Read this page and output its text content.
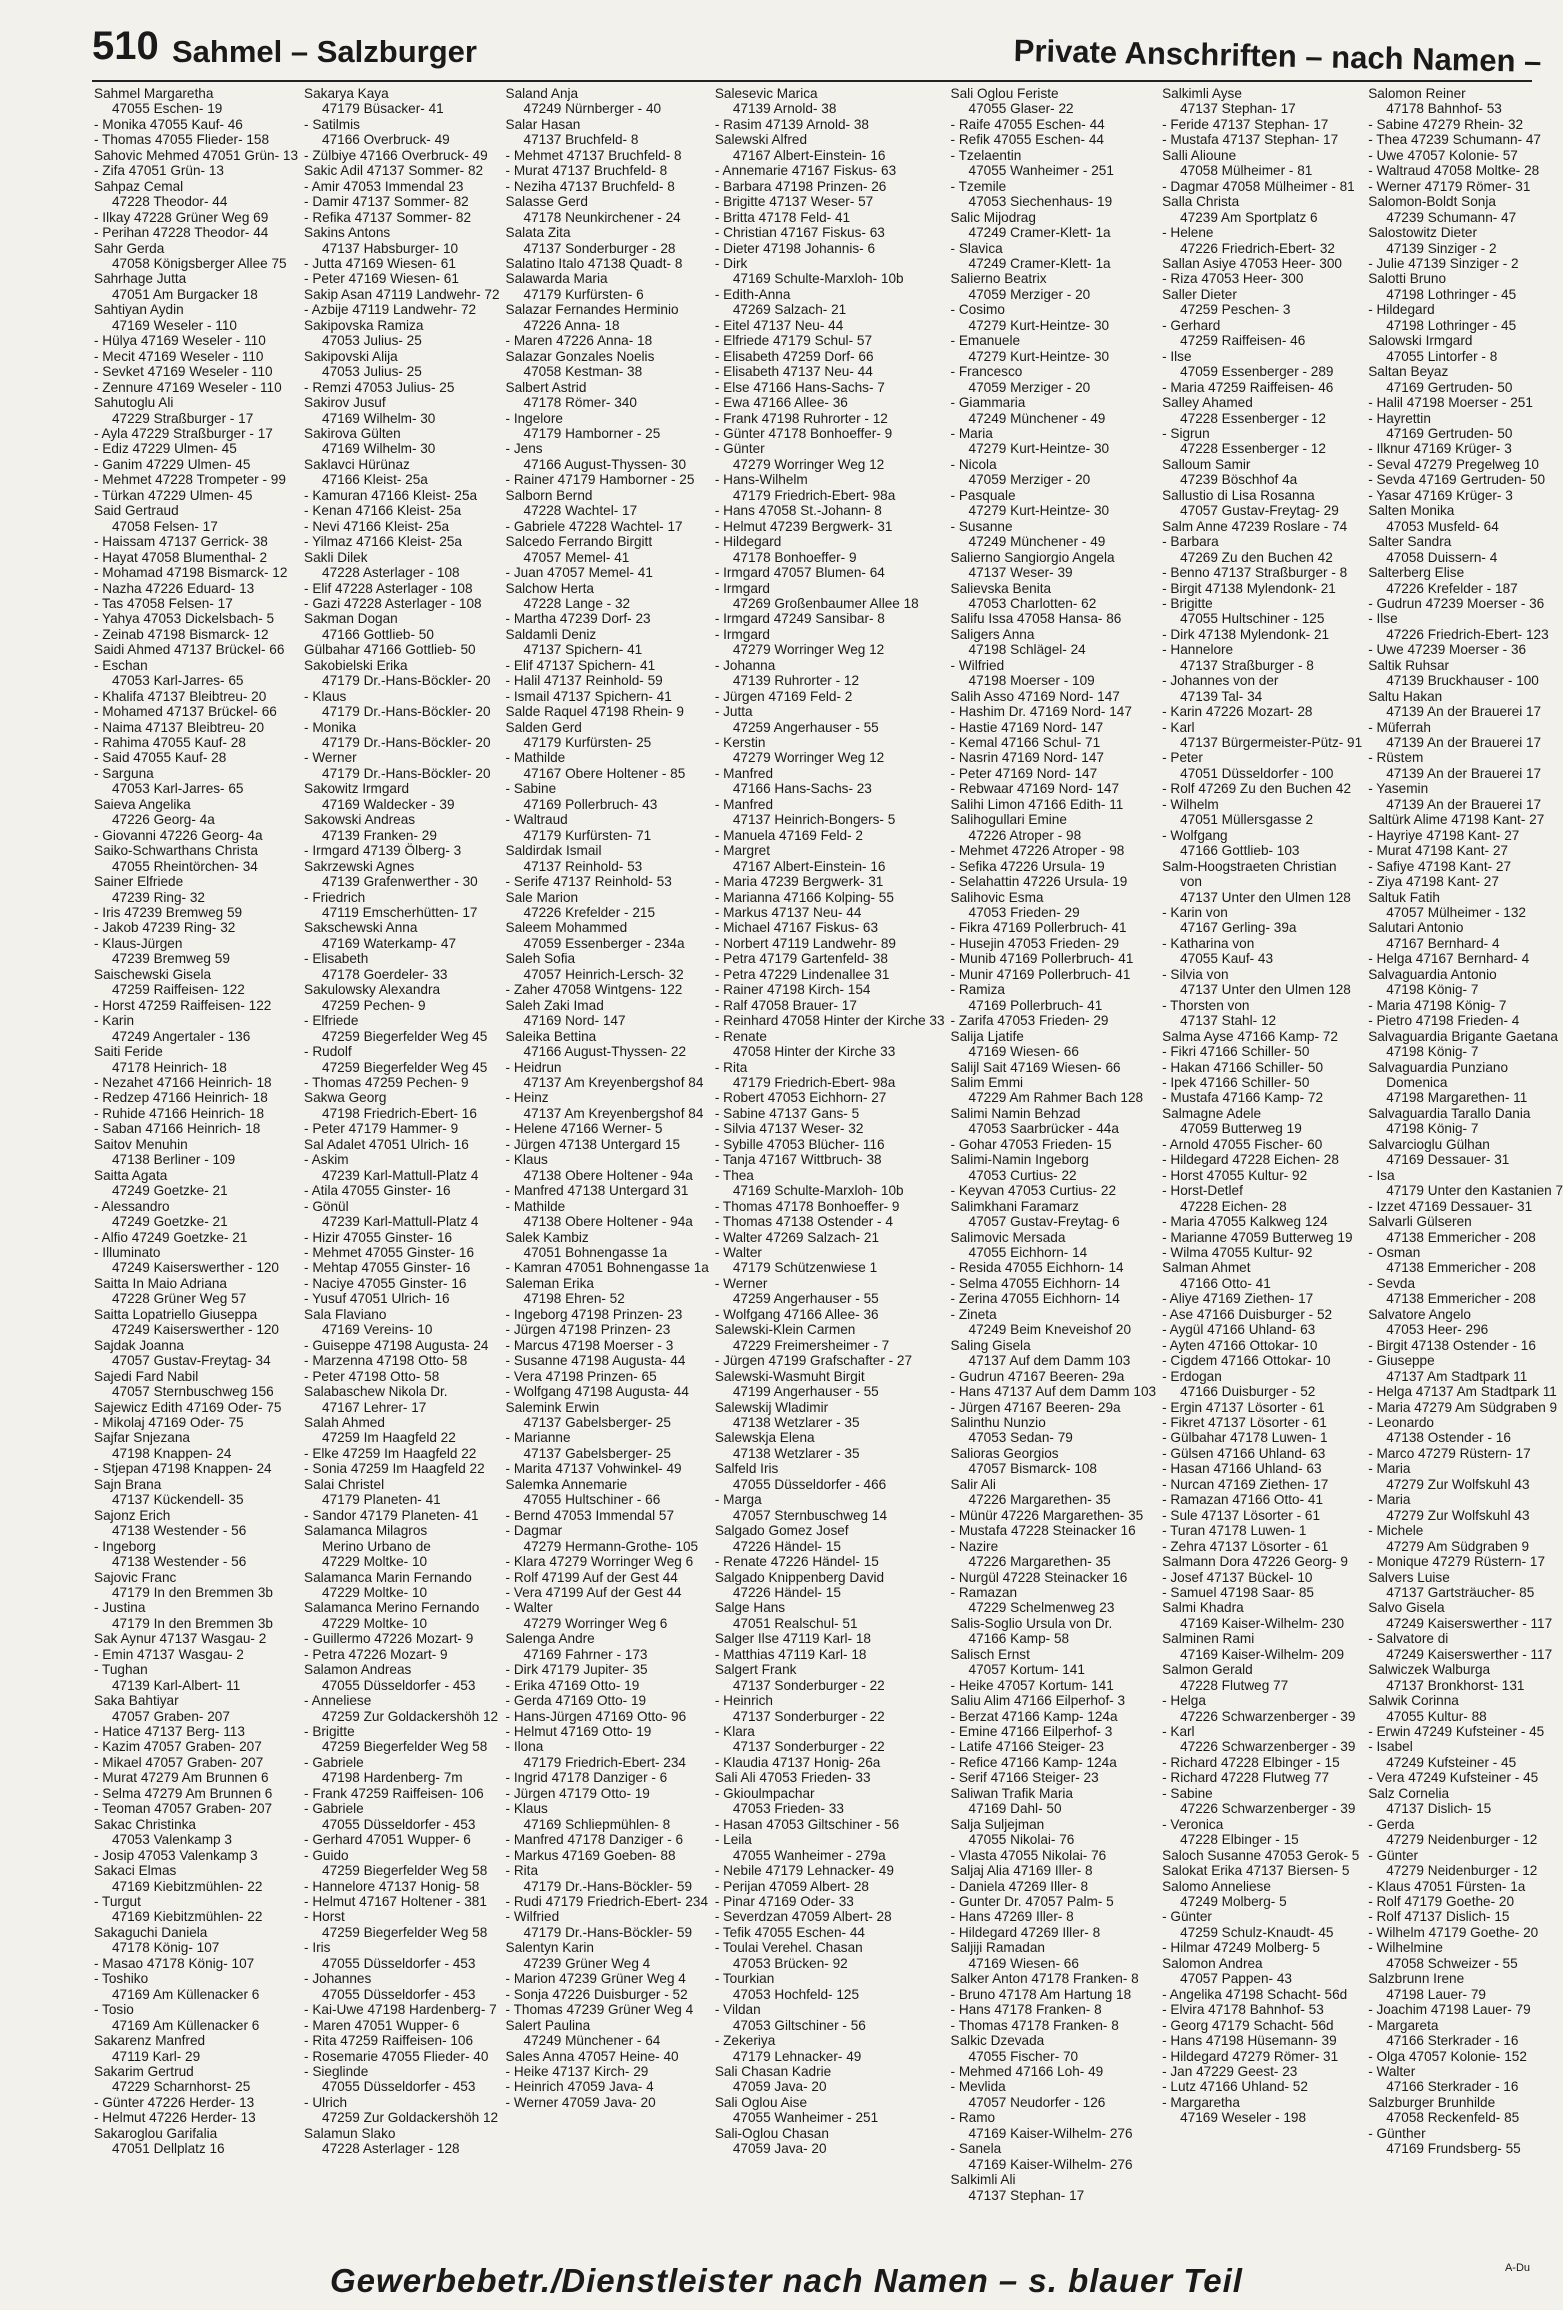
510 Sahmel – Salzburger	Private Anschriften – nach Namen –
Sahmel Margaretha
47055 Eschen- 19
- Monika 47055 Kauf- 46
- Thomas 47055 Flieder- 158
Sahovic Mehmed 47051 Grün- 13
- Zifa 47051 Grün- 13
Sahpaz Cemal
47228 Theodor- 44
- Ilkay 47228 Grüner Weg 69
- Perihan 47228 Theodor- 44
Sahr Gerda
47058 Königsberger Allee 75
Sahrhage Jutta
47051 Am Burgacker 18
Sahtiyan Aydin
47169 Weseler - 110
- Hülya 47169 Weseler - 110
- Mecit 47169 Weseler - 110
- Sevket 47169 Weseler - 110
- Zennure 47169 Weseler - 110
Sahutoglu Ali
47229 Straßburger - 17
- Ayla 47229 Straßburger - 17
- Ediz 47229 Ulmen- 45
- Ganim 47229 Ulmen- 45
- Mehmet 47228 Trompeter - 99
- Türkan 47229 Ulmen- 45
Said Gertraud
47058 Felsen- 17
- Haissam 47137 Gerrick- 38
- Hayat 47058 Blumenthal- 2
- Mohamad 47198 Bismarck- 12
- Nazha 47226 Eduard- 13
- Tas 47058 Felsen- 17
- Yahya 47053 Dickelsbach- 5
- Zeinab 47198 Bismarck- 12
Saidi Ahmed 47137 Brückel- 66
- Eschan
47053 Karl-Jarres- 65
- Khalifa 47137 Bleibtreu- 20
- Mohamed 47137 Brückel- 66
- Naima 47137 Bleibtreu- 20
- Rahima 47055 Kauf- 28
- Said 47055 Kauf- 28
- Sarguna
47053 Karl-Jarres- 65
Saieva Angelika
47226 Georg- 4a
- Giovanni 47226 Georg- 4a
Saiko-Schwarthans Christa
47055 Rheintörchen- 34
Sainer Elfriede
47239 Ring- 32
- Iris 47239 Bremweg 59
- Jakob 47239 Ring- 32
- Klaus-Jürgen
47239 Bremweg 59
Saischewski Gisela
47259 Raiffeisen- 122
- Horst 47259 Raiffeisen- 122
- Karin
47249 Angertaler - 136
Saiti Feride
47178 Heinrich- 18
- Nezahet 47166 Heinrich- 18
- Redzep 47166 Heinrich- 18
- Ruhide 47166 Heinrich- 18
- Saban 47166 Heinrich- 18
Saitov Menuhin
47138 Berliner - 109
Saitta Agata
47249 Goetzke- 21
- Alessandro
47249 Goetzke- 21
- Alfio 47249 Goetzke- 21
- Illuminato
47249 Kaiserswerther - 120
Saitta In Maio Adriana
47228 Grüner Weg 57
Saitta Lopatriello Giuseppa
47249 Kaiserswerther - 120
Sajdak Joanna
47057 Gustav-Freytag- 34
Sajedi Fard Nabil
47057 Sternbuschweg 156
Sajewicz Edith 47169 Oder- 75
- Mikolaj 47169 Oder- 75
Sajfar Snjezana
47198 Knappen- 24
- Stjepan 47198 Knappen- 24
Sajn Brana
47137 Kückendell- 35
Sajonz Erich
47138 Westender - 56
- Ingeborg
47138 Westender - 56
Sajovic Franc
47179 In den Bremmen 3b
- Justina
47179 In den Bremmen 3b
Sak Aynur 47137 Wasgau- 2
- Emin 47137 Wasgau- 2
- Tughan
47139 Karl-Albert- 11
Saka Bahtiyar
47057 Graben- 207
- Hatice 47137 Berg- 113
- Kazim 47057 Graben- 207
- Mikael 47057 Graben- 207
- Murat 47279 Am Brunnen 6
- Selma 47279 Am Brunnen 6
- Teoman 47057 Graben- 207
Sakac Christinka
47053 Valenkamp 3
- Josip 47053 Valenkamp 3
Sakaci Elmas
47169 Kiebitzmühlen- 22
- Turgut
47169 Kiebitzmühlen- 22
Sakaguchi Daniela
47178 König- 107
- Masao 47178 König- 107
- Toshiko
47169 Am Küllenacker 6
- Tosio
47169 Am Küllenacker 6
Sakarenz Manfred
47119 Karl- 29
Sakarim Gertrud
47229 Scharnhorst- 25
- Günter 47226 Herder- 13
- Helmut 47226 Herder- 13
Sakaroglou Garifalia
47051 Dellplatz 16
Sakarya Kaya
47179 Büsacker- 41
- Satilmis
47166 Overbruck- 49
- Zülbiye 47166 Overbruck- 49
Sakic Adil 47137 Sommer- 82
- Amir 47053 Immendal 23
- Damir 47137 Sommer- 82
- Refika 47137 Sommer- 82
Sakins Antons
47137 Habsburger- 10
- Jutta 47169 Wiesen- 61
- Peter 47169 Wiesen- 61
Sakip Asan 47119 Landwehr- 72
- Azbije 47119 Landwehr- 72
Sakipovska Ramiza
47053 Julius- 25
Sakipovski Alija
47053 Julius- 25
- Remzi 47053 Julius- 25
Sakirov Jusuf
47169 Wilhelm- 30
Sakirova Gülten
47169 Wilhelm- 30
Saklavci Hürünaz
47166 Kleist- 25a
- Kamuran 47166 Kleist- 25a
- Kenan 47166 Kleist- 25a
- Nevi 47166 Kleist- 25a
- Yilmaz 47166 Kleist- 25a
Sakli Dilek
47228 Asterlager - 108
- Elif 47228 Asterlager - 108
- Gazi 47228 Asterlager - 108
Sakman Dogan
47166 Gottlieb- 50
Gülbahar 47166 Gottlieb- 50
Sakobielski Erika
47179 Dr.-Hans-Böckler- 20
- Klaus
47179 Dr.-Hans-Böckler- 20
- Monika
47179 Dr.-Hans-Böckler- 20
- Werner
47179 Dr.-Hans-Böckler- 20
Sakowitz Irmgard
47169 Waldecker - 39
Sakowski Andreas
47139 Franken- 29
- Irmgard 47139 Ölberg- 3
Sakrzewski Agnes
47139 Grafenwerther - 30
- Friedrich
47119 Emscherhütten- 17
Sakschewski Anna
47169 Waterkamp- 47
- Elisabeth
47178 Goerdeler- 33
Sakulowsky Alexandra
47259 Pechen- 9
- Elfriede
47259 Biegerfelder Weg 45
- Rudolf
47259 Biegerfelder Weg 45
- Thomas 47259 Pechen- 9
Sakwa Georg
47198 Friedrich-Ebert- 16
- Peter 47179 Hammer- 9
Sal Adalet 47051 Ulrich- 16
- Askim
47239 Karl-Mattull-Platz 4
- Atila 47055 Ginster- 16
- Gönül
47239 Karl-Mattull-Platz 4
- Hizir 47055 Ginster- 16
- Mehmet 47055 Ginster- 16
- Mehtap 47055 Ginster- 16
- Naciye 47055 Ginster- 16
- Yusuf 47051 Ulrich- 16
Sala Flaviano
47169 Vereins- 10
- Guiseppe 47198 Augusta- 24
- Marzenna 47198 Otto- 58
- Peter 47198 Otto- 58
Salabaschew Nikola Dr.
47167 Lehrer- 17
Salah Ahmed
47259 Im Haagfeld 22
- Elke 47259 Im Haagfeld 22
- Sonia 47259 Im Haagfeld 22
Salai Christel
47179 Planeten- 41
- Sandor 47179 Planeten- 41
Salamanca Milagros
Merino Urbano de
47229 Moltke- 10
Salamanca Marin Fernando
47229 Moltke- 10
Salamanca Merino Fernando
47229 Moltke- 10
- Guillermo 47226 Mozart- 9
- Petra 47226 Mozart- 9
Salamon Andreas
47055 Düsseldorfer - 453
- Anneliese
47259 Zur Goldackershöh 12
- Brigitte
47259 Biegerfelder Weg 58
- Gabriele
47198 Hardenberg- 7m
- Frank 47259 Raiffeisen- 106
- Gabriele
47055 Düsseldorfer - 453
- Gerhard 47051 Wupper- 6
- Guido
47259 Biegerfelder Weg 58
- Hannelore 47137 Honig- 58
- Helmut 47167 Holtener - 381
- Horst
47259 Biegerfelder Weg 58
- Iris
47055 Düsseldorfer - 453
- Johannes
47055 Düsseldorfer - 453
- Kai-Uwe 47198 Hardenberg- 7
- Maren 47051 Wupper- 6
- Rita 47259 Raiffeisen- 106
- Rosemarie 47055 Flieder- 40
- Sieglinde
47055 Düsseldorfer - 453
- Ulrich
47259 Zur Goldackershöh 12
Salamun Slako
47228 Asterlager - 128
Saland Anja
47249 Nürnberger - 40
Salar Hasan
47137 Bruchfeld- 8
- Mehmet 47137 Bruchfeld- 8
- Murat 47137 Bruchfeld- 8
- Neziha 47137 Bruchfeld- 8
Salasse Gerd
47178 Neunkirchener - 24
Salata Zita
47137 Sonderburger - 28
Salatino Italo 47138 Quadt- 8
Salawarda Maria
47179 Kurfürsten- 6
Salazar Fernandes Herminio
47226 Anna- 18
- Maren 47226 Anna- 18
Salazar Gonzales Noelis
47058 Kestman- 38
Salbert Astrid
47178 Römer- 340
- Ingelore
47179 Hamborner - 25
- Jens
47166 August-Thyssen- 30
- Rainer 47179 Hamborner - 25
Salborn Bernd
47228 Wachtel- 17
- Gabriele 47228 Wachtel- 17
Salcedo Ferrando Birgitt
47057 Memel- 41
- Juan 47057 Memel- 41
Salchow Herta
47228 Lange - 32
- Martha 47239 Dorf- 23
Saldamli Deniz
47137 Spichern- 41
- Elif 47137 Spichern- 41
- Halil 47137 Reinhold- 59
- Ismail 47137 Spichern- 41
Salde Raquel 47198 Rhein- 9
Salden Gerd
47179 Kurfürsten- 25
- Mathilde
47167 Obere Holtener - 85
- Sabine
47169 Pollerbruch- 43
- Waltraud
47179 Kurfürsten- 71
Saldirdak Ismail
47137 Reinhold- 53
- Serife 47137 Reinhold- 53
Sale Marion
47226 Krefelder - 215
Saleem Mohammed
47059 Essenberger - 234a
Saleh Sofia
47057 Heinrich-Lersch- 32
- Zaher 47058 Wintgens- 122
Saleh Zaki Imad
47169 Nord- 147
Saleika Bettina
47166 August-Thyssen- 22
- Heidrun
47137 Am Kreyenbergshof 84
- Heinz
47137 Am Kreyenbergshof 84
- Helene 47166 Werner- 5
- Jürgen 47138 Untergard 15
- Klaus
47138 Obere Holtener - 94a
- Manfred 47138 Untergard 31
- Mathilde
47138 Obere Holtener - 94a
Salek Kambiz
47051 Bohnengasse 1a
- Kamran 47051 Bohnengasse 1a
Saleman Erika
47198 Ehren- 52
- Ingeborg 47198 Prinzen- 23
- Jürgen 47198 Prinzen- 23
- Marcus 47198 Moerser - 3
- Susanne 47198 Augusta- 44
- Vera 47198 Prinzen- 65
- Wolfgang 47198 Augusta- 44
Salemink Erwin
47137 Gabelsberger- 25
- Marianne
47137 Gabelsberger- 25
- Marita 47137 Vohwinkel- 49
Salemka Annemarie
47055 Hultschiner - 66
- Bernd 47053 Immendal 57
- Dagmar
47279 Hermann-Grothe- 105
- Klara 47279 Worringer Weg 6
- Rolf 47199 Auf der Gest 44
- Vera 47199 Auf der Gest 44
- Walter
47279 Worringer Weg 6
Salenga Andre
47169 Fahrner - 173
- Dirk 47179 Jupiter- 35
- Erika 47169 Otto- 19
- Gerda 47169 Otto- 19
- Hans-Jürgen 47169 Otto- 96
- Helmut 47169 Otto- 19
- Ilona
47179 Friedrich-Ebert- 234
- Ingrid 47178 Danziger - 6
- Jürgen 47179 Otto- 19
- Klaus
47169 Schliepmühlen- 8
- Manfred 47178 Danziger - 6
- Markus 47169 Goeben- 88
- Rita
47179 Dr.-Hans-Böckler- 59
- Rudi 47179 Friedrich-Ebert- 234
- Wilfried
47179 Dr.-Hans-Böckler- 59
Salentyn Karin
47239 Grüner Weg 4
- Marion 47239 Grüner Weg 4
- Sonja 47226 Duisburger - 52
- Thomas 47239 Grüner Weg 4
Salert Paulina
47249 Münchener - 64
Sales Anna 47057 Heine- 40
- Heike 47137 Kirch- 29
- Heinrich 47059 Java- 4
- Werner 47059 Java- 20
Salesevic Marica
47139 Arnold- 38
- Rasim 47139 Arnold- 38
Salewski Alfred
47167 Albert-Einstein- 16
- Annemarie 47167 Fiskus- 63
- Barbara 47198 Prinzen- 26
- Brigitte 47137 Weser- 57
- Britta 47178 Feld- 41
- Christian 47167 Fiskus- 63
- Dieter 47198 Johannis- 6
- Dirk
47169 Schulte-Marxloh- 10b
- Edith-Anna
47269 Salzach- 21
- Eitel 47137 Neu- 44
- Elfriede 47179 Schul- 57
- Elisabeth 47259 Dorf- 66
- Elisabeth 47137 Neu- 44
- Else 47166 Hans-Sachs- 7
- Ewa 47166 Allee- 36
- Frank 47198 Ruhrorter - 12
- Günter 47178 Bonhoeffer- 9
- Günter
47279 Worringer Weg 12
- Hans-Wilhelm
47179 Friedrich-Ebert- 98a
- Hans 47058 St.-Johann- 8
- Helmut 47239 Bergwerk- 31
- Hildegard
47178 Bonhoeffer- 9
- Irmgard 47057 Blumen- 64
- Irmgard
47269 Großenbaumer Allee 18
- Irmgard 47249 Sansibar- 8
- Irmgard
47279 Worringer Weg 12
- Johanna
47139 Ruhrorter - 12
- Jürgen 47169 Feld- 2
- Jutta
47259 Angerhauser - 55
- Kerstin
47279 Worringer Weg 12
- Manfred
47166 Hans-Sachs- 23
- Manfred
47137 Heinrich-Bongers- 5
- Manuela 47169 Feld- 2
- Margret
47167 Albert-Einstein- 16
- Maria 47239 Bergwerk- 31
- Marianna 47166 Kolping- 55
- Markus 47137 Neu- 44
- Michael 47167 Fiskus- 63
- Norbert 47119 Landwehr- 89
- Petra 47179 Gartenfeld- 38
- Petra 47229 Lindenallee 31
- Rainer 47198 Kirch- 154
- Ralf 47058 Brauer- 17
- Reinhard 47058 Hinter der Kirche 33
- Renate
47058 Hinter der Kirche 33
- Rita
47179 Friedrich-Ebert- 98a
- Robert 47053 Eichhorn- 27
- Sabine 47137 Gans- 5
- Silvia 47137 Weser- 32
- Sybille 47053 Blücher- 116
- Tanja 47167 Wittbruch- 38
- Thea
47169 Schulte-Marxloh- 10b
- Thomas 47178 Bonhoeffer- 9
- Thomas 47138 Ostender - 4
- Walter 47269 Salzach- 21
- Walter
47179 Schützenwiese 1
- Werner
47259 Angerhauser - 55
- Wolfgang 47166 Allee- 36
Salewski-Klein Carmen
47229 Freimersheimer - 7
- Jürgen 47199 Grafschafter - 27
Salewski-Wasmuht Birgit
47199 Angerhauser - 55
Salewskij Wladimir
47138 Wetzlarer - 35
Salewskja Elena
47138 Wetzlarer - 35
Salfeld Iris
47055 Düsseldorfer - 466
- Marga
47057 Sternbuschweg 14
Salgado Gomez Josef
47226 Händel- 15
- Renate 47226 Händel- 15
Salgado Knippenberg David
47226 Händel- 15
Salge Hans
47051 Realschul- 51
Salger Ilse 47119 Karl- 18
- Matthias 47119 Karl- 18
Salgert Frank
47137 Sonderburger - 22
- Heinrich
47137 Sonderburger - 22
- Klara
47137 Sonderburger - 22
- Klaudia 47137 Honig- 26a
Sali Ali 47053 Frieden- 33
- Gkioulmpachar
47053 Frieden- 33
- Hasan 47053 Giltschiner - 56
- Leila
47055 Wanheimer - 279a
- Nebile 47179 Lehnacker- 49
- Perijan 47059 Albert- 28
- Pinar 47169 Oder- 33
- Severdzan 47059 Albert- 28
- Tefik 47055 Eschen- 44
- Toulai Verehel. Chasan
47053 Brücken- 92
- Tourkian
47053 Hochfeld- 125
- Vildan
47053 Giltschiner - 56
- Zekeriya
47179 Lehnacker- 49
Sali Chasan Kadrie
47059 Java- 20
Sali Oglou Aise
47055 Wanheimer - 251
Sali-Oglou Chasan
47059 Java- 20
Sali Oglou Feriste
47055 Glaser- 22
- Raife 47055 Eschen- 44
- Refik 47055 Eschen- 44
- Tzelaentin
47055 Wanheimer - 251
- Tzemile
47053 Siechenhaus- 19
Salic Mijodrag
47249 Cramer-Klett- 1a
- Slavica
47249 Cramer-Klett- 1a
Salierno Beatrix
47059 Merziger - 20
- Cosimo
47279 Kurt-Heintze- 30
- Emanuele
47279 Kurt-Heintze- 30
- Francesco
47059 Merziger - 20
- Giammaria
47249 Münchener - 49
- Maria
47279 Kurt-Heintze- 30
- Nicola
47059 Merziger - 20
- Pasquale
47279 Kurt-Heintze- 30
- Susanne
47249 Münchener - 49
Salierno Sangiorgio Angela
47137 Weser- 39
Salievska Benita
47053 Charlotten- 62
Salifu Issa 47058 Hansa- 86
Saligers Anna
47198 Schlägel- 24
- Wilfried
47198 Moerser - 109
Salih Asso 47169 Nord- 147
- Hashim Dr. 47169 Nord- 147
- Hastie 47169 Nord- 147
- Kemal 47166 Schul- 71
- Nasrin 47169 Nord- 147
- Peter 47169 Nord- 147
- Rebwaar 47169 Nord- 147
Salihi Limon 47166 Edith- 11
Salihogullari Emine
47226 Atroper - 98
- Mehmet 47226 Atroper - 98
- Sefika 47226 Ursula- 19
- Selahattin 47226 Ursula- 19
Salihovic Esma
47053 Frieden- 29
- Fikra 47169 Pollerbruch- 41
- Husejin 47053 Frieden- 29
- Munib 47169 Pollerbruch- 41
- Munir 47169 Pollerbruch- 41
- Ramiza
47169 Pollerbruch- 41
- Zarifa 47053 Frieden- 29
Salija Ljatife
47169 Wiesen- 66
Salijl Sait 47169 Wiesen- 66
Salim Emmi
47229 Am Rahmer Bach 128
Salimi Namin Behzad
47053 Saarbrücker - 44a
- Gohar 47053 Frieden- 15
Salimi-Namin Ingeborg
47053 Curtius- 22
- Keyvan 47053 Curtius- 22
Salimkhani Faramarz
47057 Gustav-Freytag- 6
Salimovic Mersada
47055 Eichhorn- 14
- Resida 47055 Eichhorn- 14
- Selma 47055 Eichhorn- 14
- Zerina 47055 Eichhorn- 14
- Zineta
47249 Beim Kneveishof 20
Saling Gisela
47137 Auf dem Damm 103
- Gudrun 47167 Beeren- 29a
- Hans 47137 Auf dem Damm 103
- Jürgen 47167 Beeren- 29a
Salinthu Nunzio
47053 Sedan- 79
Salioras Georgios
47057 Bismarck- 108
Salir Ali
47226 Margarethen- 35
- Münür 47226 Margarethen- 35
- Mustafa 47228 Steinacker 16
- Nazire
47226 Margarethen- 35
- Nurgül 47228 Steinacker 16
- Ramazan
47229 Schelmenweg 23
Salis-Soglio Ursula von Dr.
47166 Kamp- 58
Salisch Ernst
47057 Kortum- 141
- Heike 47057 Kortum- 141
Saliu Alim 47166 Eilperhof- 3
- Berzat 47166 Kamp- 124a
- Emine 47166 Eilperhof- 3
- Latife 47166 Steiger- 23
- Refice 47166 Kamp- 124a
- Serif 47166 Steiger- 23
Saliwan Trafik Maria
47169 Dahl- 50
Salja Suljejman
47055 Nikolai- 76
- Vlasta 47055 Nikolai- 76
Saljaj Alia 47169 Iller- 8
- Daniela 47269 Iller- 8
- Gunter Dr. 47057 Palm- 5
- Hans 47269 Iller- 8
- Hildegard 47269 Iller- 8
Saljiji Ramadan
47169 Wiesen- 66
Salker Anton 47178 Franken- 8
- Bruno 47178 Am Hartung 18
- Hans 47178 Franken- 8
- Thomas 47178 Franken- 8
Salkic Dzevada
47055 Fischer- 70
- Mehmed 47166 Loh- 49
- Mevlida
47057 Neudorfer - 126
- Ramo
47169 Kaiser-Wilhelm- 276
- Sanela
47169 Kaiser-Wilhelm- 276
Salkimli Ali
47137 Stephan- 17
Salkimli Ayse
47137 Stephan- 17
- Feride 47137 Stephan- 17
- Mustafa 47137 Stephan- 17
Salli Alioune
47058 Mülheimer - 81
- Dagmar 47058 Mülheimer - 81
Salla Christa
47239 Am Sportplatz 6
- Helene
47226 Friedrich-Ebert- 32
Sallan Asiye 47053 Heer- 300
- Riza 47053 Heer- 300
Saller Dieter
47259 Peschen- 3
- Gerhard
47259 Raiffeisen- 46
- Ilse
47059 Essenberger - 289
- Maria 47259 Raiffeisen- 46
Salley Ahamed
47228 Essenberger - 12
- Sigrun
47228 Essenberger - 12
Salloum Samir
47239 Böschhof 4a
Sallustio di Lisa Rosanna
47057 Gustav-Freytag- 29
Salm Anne 47239 Roslare - 74
- Barbara
47269 Zu den Buchen 42
- Benno 47137 Straßburger - 8
- Birgit 47138 Mylendonk- 21
- Brigitte
47055 Hultschiner - 125
- Dirk 47138 Mylendonk- 21
- Hannelore
47137 Straßburger - 8
- Johannes von der
47139 Tal- 34
- Karin 47226 Mozart- 28
- Karl
47137 Bürgermeister-Pütz- 91
- Peter
47051 Düsseldorfer - 100
- Rolf 47269 Zu den Buchen 42
- Wilhelm
47051 Müllersgasse 2
- Wolfgang
47166 Gottlieb- 103
Salm-Hoogstraeten Christian
von
47137 Unter den Ulmen 128
- Karin von
47167 Gerling- 39a
- Katharina von
47055 Kauf- 43
- Silvia von
47137 Unter den Ulmen 128
- Thorsten von
47137 Stahl- 12
Salma Ayse 47166 Kamp- 72
- Fikri 47166 Schiller- 50
- Hakan 47166 Schiller- 50
- Ipek 47166 Schiller- 50
- Mustafa 47166 Kamp- 72
Salmagne Adele
47059 Butterweg 19
- Arnold 47055 Fischer- 60
- Hildegard 47228 Eichen- 28
- Horst 47055 Kultur- 92
- Horst-Detlef
47228 Eichen- 28
- Maria 47055 Kalkweg 124
- Marianne 47059 Butterweg 19
- Wilma 47055 Kultur- 92
Salman Ahmet
47166 Otto- 41
- Aliye 47169 Ziethen- 17
- Ase 47166 Duisburger - 52
- Aygül 47166 Uhland- 63
- Ayten 47166 Ottokar- 10
- Cigdem 47166 Ottokar- 10
- Erdogan
47166 Duisburger - 52
- Ergin 47137 Lösorter - 61
- Fikret 47137 Lösorter - 61
- Gülbahar 47178 Luwen- 1
- Gülsen 47166 Uhland- 63
- Hasan 47166 Uhland- 63
- Nurcan 47169 Ziethen- 17
- Ramazan 47166 Otto- 41
- Sule 47137 Lösorter - 61
- Turan 47178 Luwen- 1
- Zehra 47137 Lösorter - 61
Salmann Dora 47226 Georg- 9
- Josef 47137 Bückel- 10
- Samuel 47198 Saar- 85
Salmi Khadra
47169 Kaiser-Wilhelm- 230
Salminen Rami
47169 Kaiser-Wilhelm- 209
Salmon Gerald
47228 Flutweg 77
- Helga
47226 Schwarzenberger - 39
- Karl
47226 Schwarzenberger - 39
- Richard 47228 Elbinger - 15
- Richard 47228 Flutweg 77
- Sabine
47226 Schwarzenberger - 39
- Veronica
47228 Elbinger - 15
Saloch Susanne 47053 Gerok- 5
Salokat Erika 47137 Biersen- 5
Salomo Anneliese
47249 Molberg- 5
- Günter
47259 Schulz-Knaudt- 45
- Hilmar 47249 Molberg- 5
Salomon Andrea
47057 Pappen- 43
- Angelika 47198 Schacht- 56d
- Elvira 47178 Bahnhof- 53
- Georg 47179 Schacht- 56d
- Hans 47198 Hüsemann- 39
- Hildegard 47279 Römer- 31
- Jan 47229 Geest- 23
- Lutz 47166 Uhland- 52
- Margaretha
47169 Weseler - 198
Salomon Reiner
47178 Bahnhof- 53
- Sabine 47279 Rhein- 32
- Thea 47239 Schumann- 47
- Uwe 47057 Kolonie- 57
- Waltraud 47058 Moltke- 28
- Werner 47179 Römer- 31
Salomon-Boldt Sonja
47239 Schumann- 47
Salostowitz Dieter
47139 Sinziger - 2
- Julie 47139 Sinziger - 2
Salotti Bruno
47198 Lothringer - 45
- Hildegard
47198 Lothringer - 45
Salowski Irmgard
47055 Lintorfer - 8
Saltan Beyaz
47169 Gertruden- 50
- Halil 47198 Moerser - 251
- Hayrettin
47169 Gertruden- 50
- Ilknur 47169 Krüger- 3
- Seval 47279 Pregelweg 10
- Sevda 47169 Gertruden- 50
- Yasar 47169 Krüger- 3
Salten Monika
47053 Musfeld- 64
Salter Sandra
47058 Duissern- 4
Salterberg Elise
47226 Krefelder - 187
- Gudrun 47239 Moerser - 36
- Ilse
47226 Friedrich-Ebert- 123
- Uwe 47239 Moerser - 36
Saltik Ruhsar
47139 Bruckhauser - 100
Saltu Hakan
47139 An der Brauerei 17
- Müferrah
47139 An der Brauerei 17
- Rüstem
47139 An der Brauerei 17
- Yasemin
47139 An der Brauerei 17
Saltürk Alime 47198 Kant- 27
- Hayriye 47198 Kant- 27
- Murat 47198 Kant- 27
- Safiye 47198 Kant- 27
- Ziya 47198 Kant- 27
Saltuk Fatih
47057 Mülheimer - 132
Salutari Antonio
47167 Bernhard- 4
- Helga 47167 Bernhard- 4
Salvaguardia Antonio
47198 König- 7
- Maria 47198 König- 7
- Pietro 47198 Frieden- 4
Salvaguardia Brigante Gaetana
47198 König- 7
Salvaguardia Punziano
Domenica
47198 Margarethen- 11
Salvaguardia Tarallo Dania
47198 König- 7
Salvarcioglu Gülhan
47169 Dessauer- 31
- Isa
47179 Unter den Kastanien 7
- Izzet 47169 Dessauer- 31
Salvarli Gülseren
47138 Emmericher - 208
- Osman
47138 Emmericher - 208
- Sevda
47138 Emmericher - 208
Salvatore Angelo
47053 Heer- 296
- Birgit 47138 Ostender - 16
- Giuseppe
47137 Am Stadtpark 11
- Helga 47137 Am Stadtpark 11
- Maria 47279 Am Südgraben 9
- Leonardo
47138 Ostender - 16
- Marco 47279 Rüstern- 17
- Maria
47279 Zur Wolfskuhl 43
- Maria
47279 Zur Wolfskuhl 43
- Michele
47279 Am Südgraben 9
- Monique 47279 Rüstern- 17
Salvers Luise
47137 Gartsträucher- 85
Salvo Gisela
47249 Kaiserswerther - 117
- Salvatore di
47249 Kaiserswerther - 117
Salwiczek Walburga
47137 Bronkhorst- 131
Salwik Corinna
47055 Kultur- 88
- Erwin 47249 Kufsteiner - 45
- Isabel
47249 Kufsteiner - 45
- Vera 47249 Kufsteiner - 45
Salz Cornelia
47137 Dislich- 15
- Gerda
47279 Neidenburger - 12
- Günter
47279 Neidenburger - 12
- Klaus 47051 Fürsten- 1a
- Rolf 47179 Goethe- 20
- Rolf 47137 Dislich- 15
- Wilhelm 47179 Goethe- 20
- Wilhelmine
47058 Schweizer - 55
Salzbrunn Irene
47198 Lauer- 79
- Joachim 47198 Lauer- 79
- Margareta
47166 Sterkrader - 16
- Olga 47057 Kolonie- 152
- Walter
47166 Sterkrader - 16
Salzburger Brunhilde
47058 Reckenfeld- 85
- Günther
47169 Frundsberg- 55
Gewerbebetr./Dienstleister nach Namen – s. blauer Teil	A-Du
